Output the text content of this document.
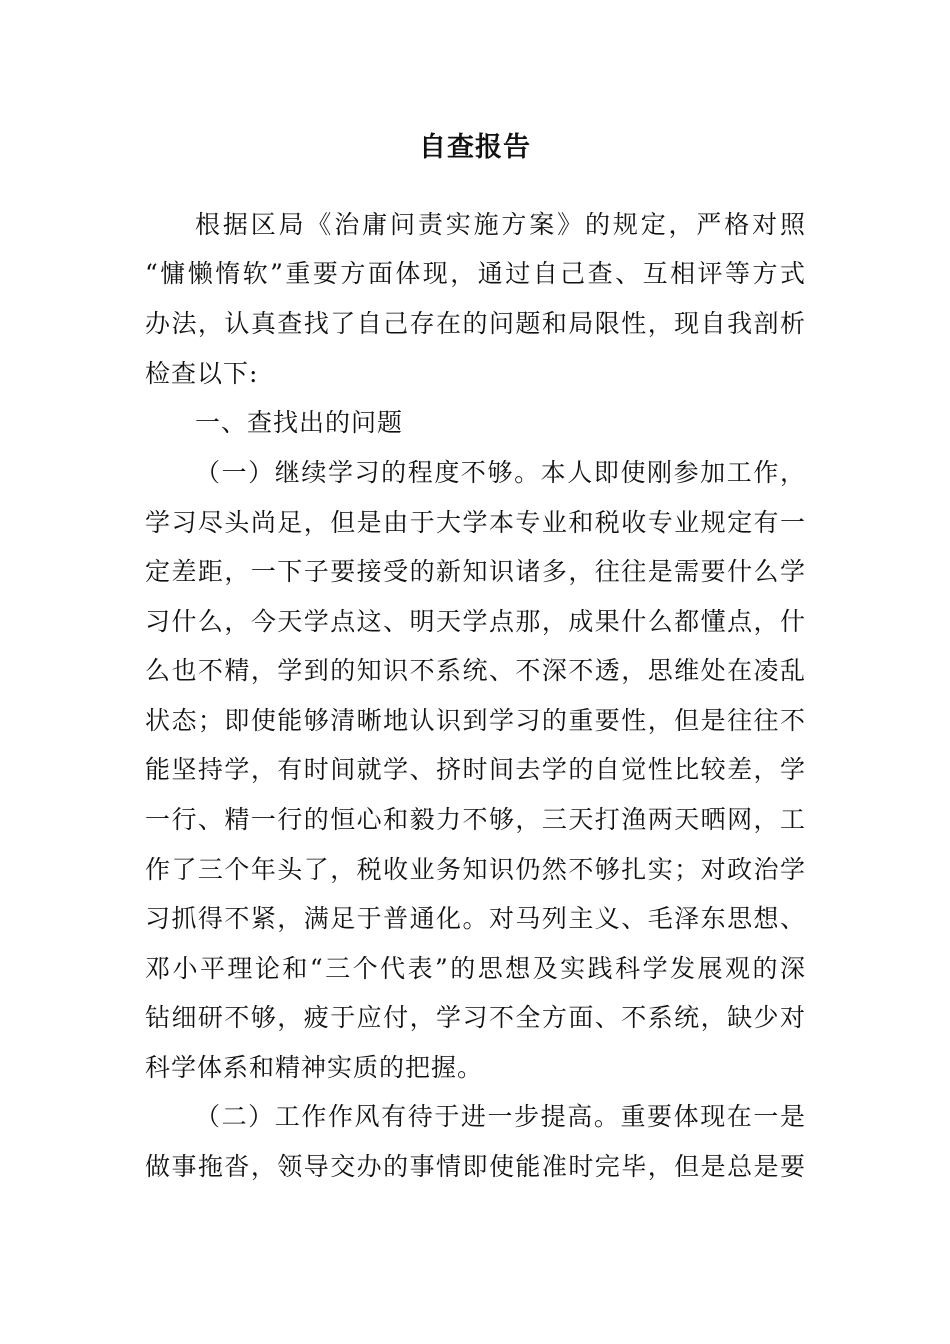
自查报告
根据区局《治庸问责实施方案》的规定，严格对照
“慵懒惰软”重要方面体现，通过自己查、互相评等方式
办法，认真查找了自己存在的问题和局限性，现自我剖析
检查以下:
一、查找出的问题
（一）继续学习的程度不够。本人即使刚参加工作，
学习尽头尚足，但是由于大学本专业和税收专业规定有一
定差距，一下子要接受的新知识诸多，往往是需要什么学
习什么，今天学点这、明天学点那，成果什么都懂点，什
么也不精，学到的知识不系统、不深不透，思维处在凌乱
状态；即使能够清晰地认识到学习的重要性，但是往往不
能坚持学，有时间就学、挤时间去学的自觉性比较差，学
一行、精一行的恒心和毅力不够，三天打渔两天晒网，工
作了三个年头了，税收业务知识仍然不够扎实；对政治学
习抓得不紧，满足于普通化。对马列主义、毛泽东思想、
邓小平理论和“三个代表”的思想及实践科学发展观的深
钻细研不够，疲于应付，学习不全方面、不系统，缺少对
科学体系和精神实质的把握。
（二）工作作风有待于进一步提高。重要体现在一是
做事拖沓，领导交办的事情即使能准时完毕，但是总是要
